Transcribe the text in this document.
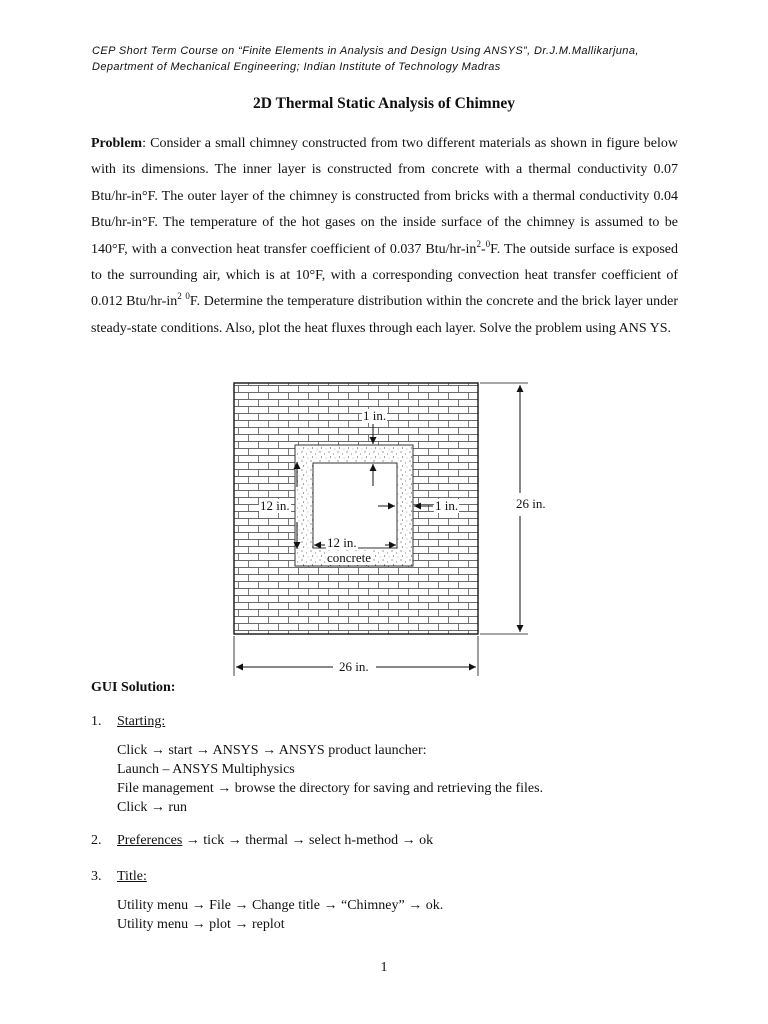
CEP Short Term Course on “Finite Elements in Analysis and Design Using ANSYS”, Dr.J.M.Mallikarjuna,
Department of Mechanical Engineering; Indian Institute of Technology Madras
2D Thermal Static Analysis of Chimney
Problem: Consider a small chimney constructed from two different materials as shown in figure below with its dimensions. The inner layer is constructed from concrete with a thermal conductivity 0.07 Btu/hr-in°F. The outer layer of the chimney is constructed from bricks with a thermal conductivity 0.04 Btu/hr-in°F. The temperature of the hot gases on the inside surface of the chimney is assumed to be 140°F, with a convection heat transfer coefficient of 0.037 Btu/$hr-in^2-^0F$. The outside surface is exposed to the surrounding air, which is at 10°F, with a corresponding convection heat transfer coefficient of 0.012 Btu/$hr-in^2$ $^0$F. Determine the temperature distribution within the concrete and the brick layer under steady-state conditions. Also, plot the heat fluxes through each layer. Solve the problem using ANS YS.
1 in.
12 in.	1 in.
12 in.
concrete
26 in.
26 in.
GUI Solution:
1. Starting:
Click → start → ANSYS → ANSYS product launcher:
Launch – ANSYS Multiphysics
File management → browse the directory for saving and retrieving the files.
Click → run
2. Preferences → tick → thermal → select h-method → ok
3. Title:
Utility menu → File → Change title → “Chimney” → ok.
Utility menu → plot → replot
1
